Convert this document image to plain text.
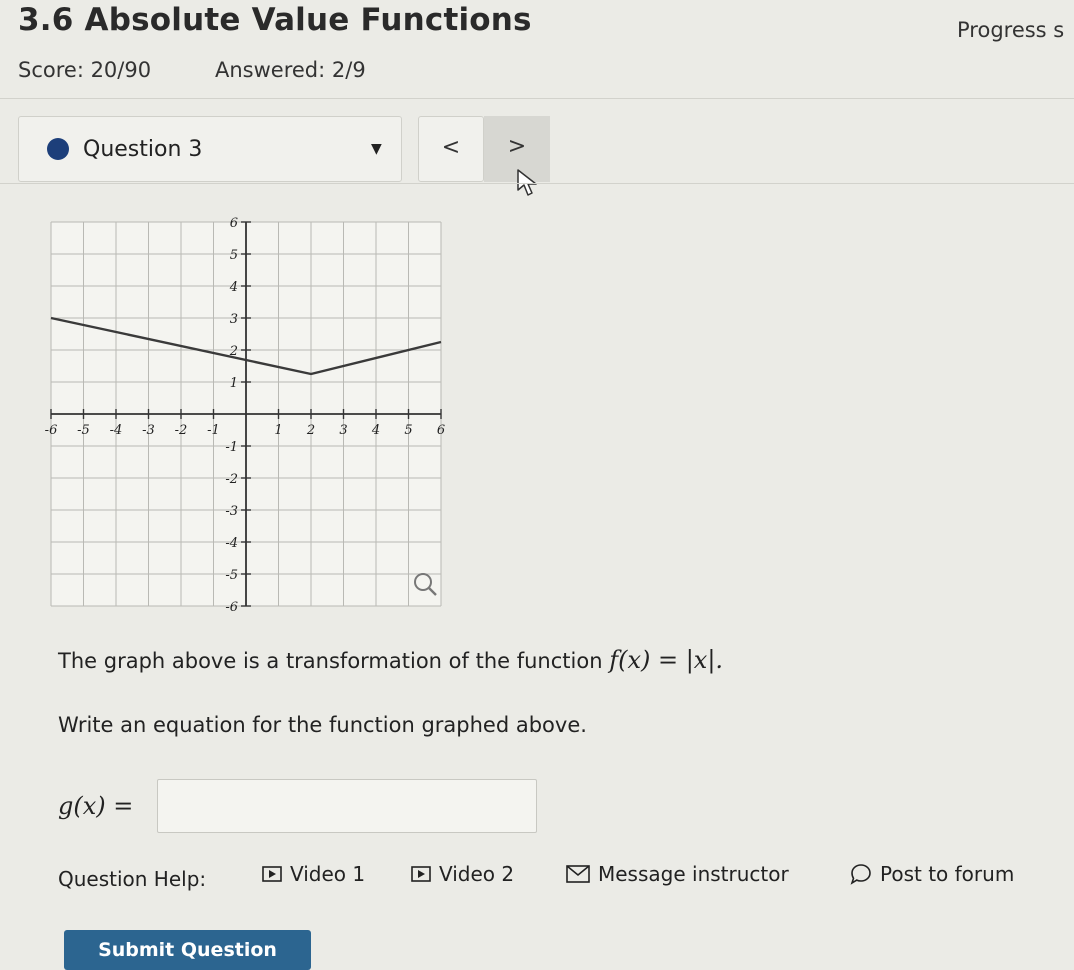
3.6 Absolute Value Functions	Progress s
Score: 20/90	Answered: 2/9
Question 3	▼	<	>
-6 -5 -4 -3 -2 -1	1 2 3 4 5 6
6
5
4
3
2
1
-1
-2
-3
-4
-5
-6
The graph above is a transformation of the function f(x) = |x|.
Write an equation for the function graphed above.
g(x) =
Question Help:	Video 1	Video 2	Message instructor	Post to forum
Submit Question
